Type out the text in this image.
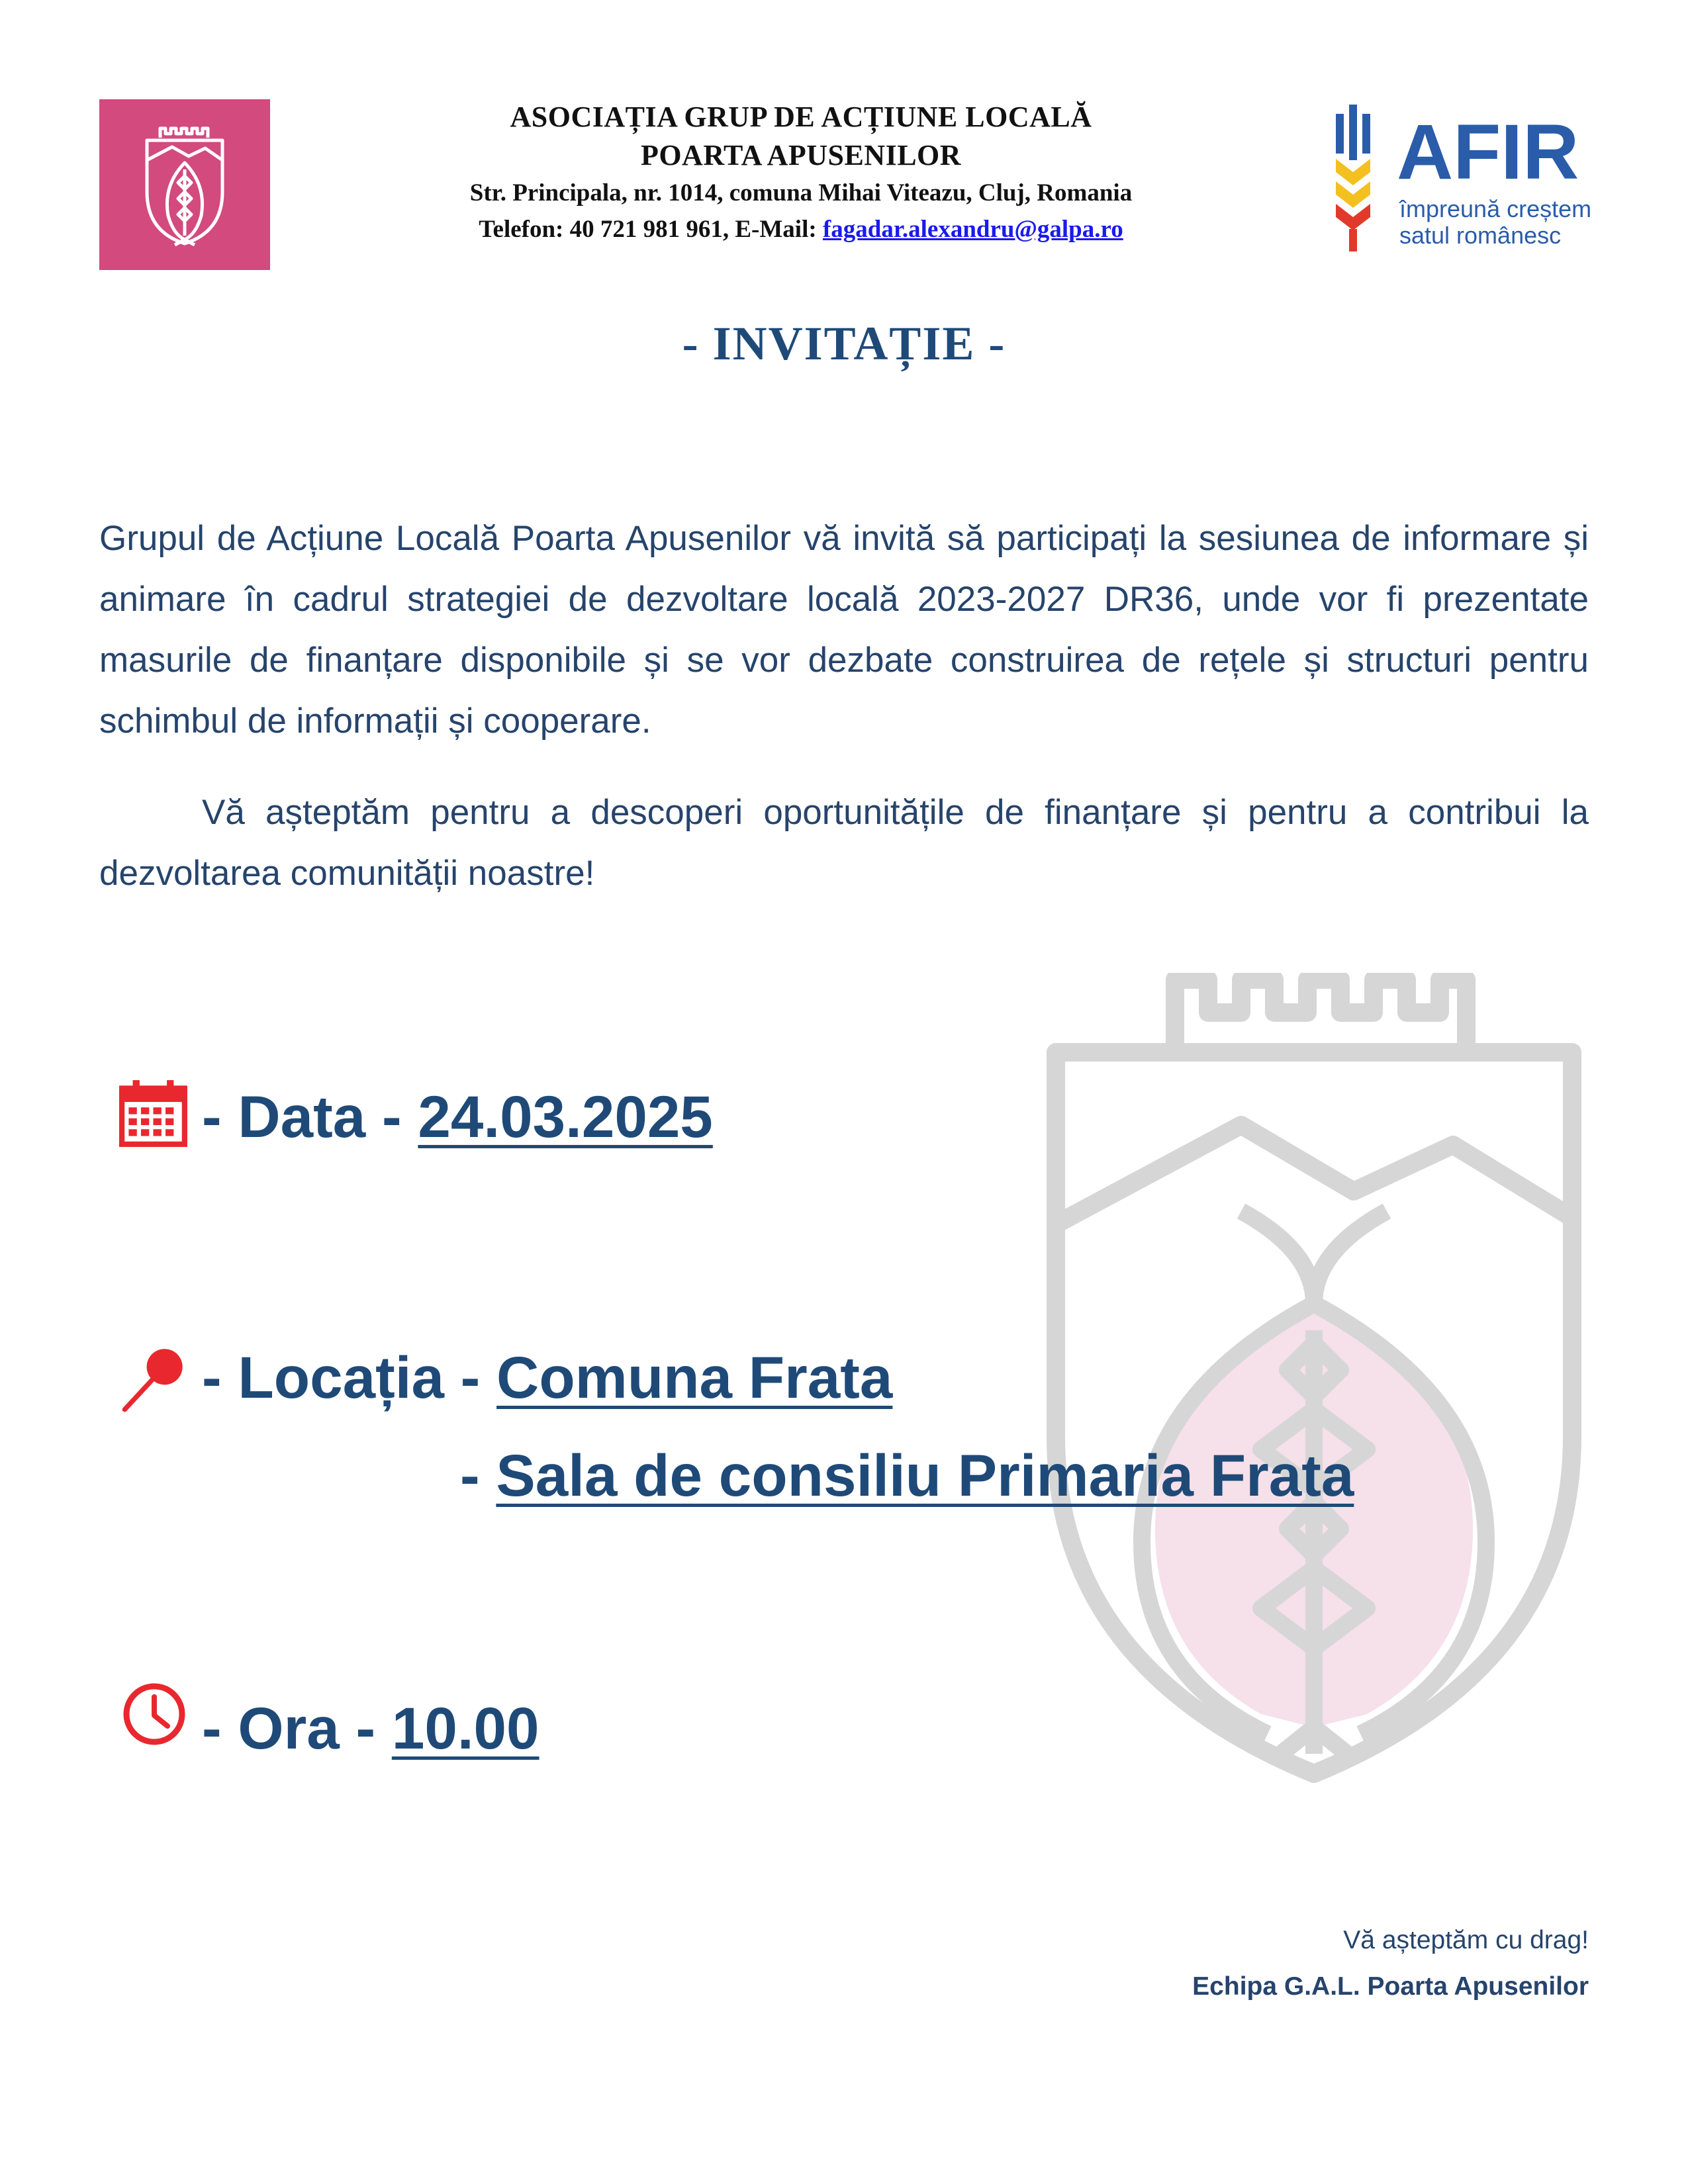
ASOCIAȚIA GRUP DE ACȚIUNE LOCALĂ
POARTA APUSENILOR
Str. Principala, nr. 1014, comuna Mihai Viteazu, Cluj, Romania
Telefon: 40 721 981 961, E-Mail: fagadar.alexandru@galpa.ro
AFIR
împreună creștem
satul românesc
- INVITAȚIE -

Grupul de Acțiune Locală Poarta Apusenilor vă invită să participați la sesiunea de informare și animare în cadrul strategiei de dezvoltare locală 2023-2027 DR36, unde vor fi prezentate masurile de finanțare disponibile și se vor dezbate construirea de rețele și structuri pentru schimbul de informații și cooperare.

Vă așteptăm pentru a descoperi oportunitățile de finanțare și pentru a contribui la dezvoltarea comunității noastre!

- Data - 24.03.2025
- Locația - Comuna Frata
- Sala de consiliu Primaria Frata
- Ora - 10.00
Vă așteptăm cu drag!
Echipa G.A.L. Poarta Apusenilor
